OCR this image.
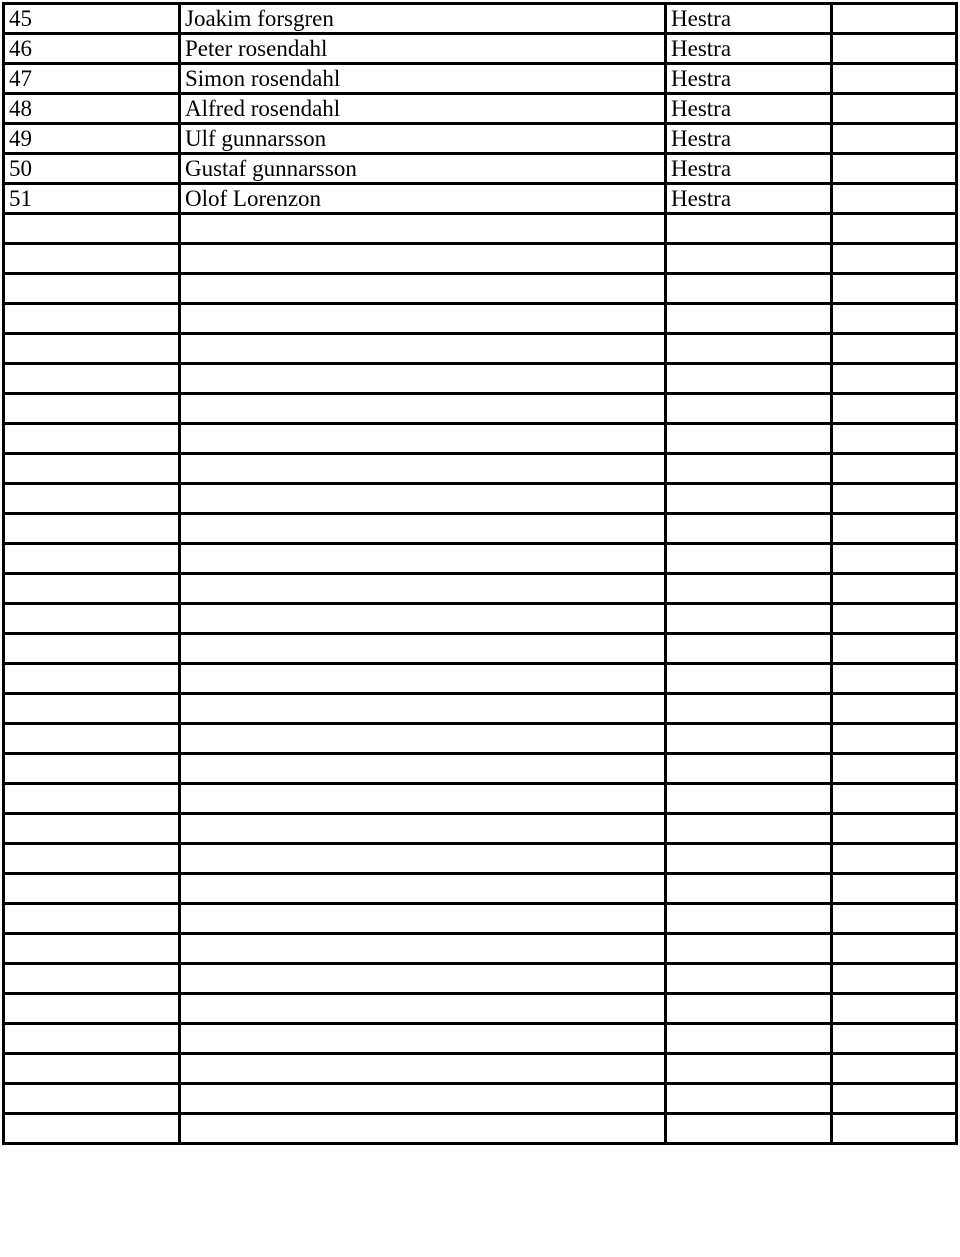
45	Joakim forsgren	Hestra	
46	Peter rosendahl	Hestra	
47	Simon rosendahl	Hestra	
48	Alfred rosendahl	Hestra	
49	Ulf gunnarsson	Hestra	
50	Gustaf gunnarsson	Hestra	
51	Olof Lorenzon	Hestra	
